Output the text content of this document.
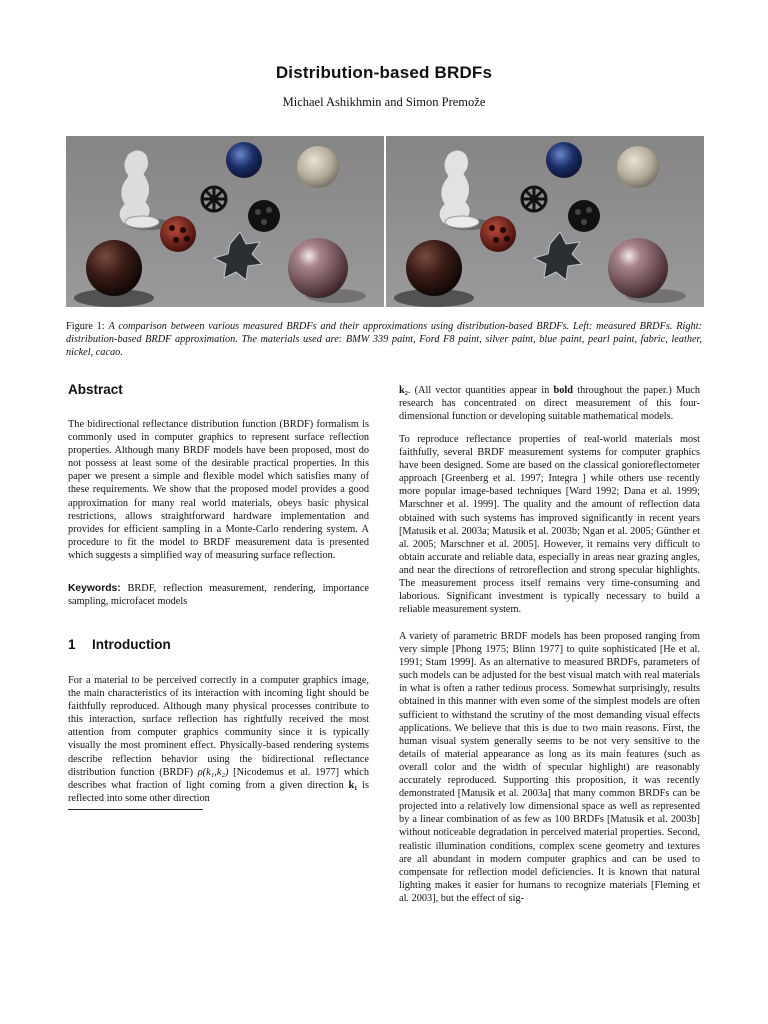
Distribution-based BRDFs
Michael Ashikhmin and Simon Premože
Figure 1: A comparison between various measured BRDFs and their approximations using distribution-based BRDFs. Left: measured BRDFs. Right: distribution-based BRDF approximation. The materials used are: BMW 339 paint, Ford F8 paint, silver paint, blue paint, pearl paint, fabric, leather, nickel, cacao.
Abstract
The bidirectional reflectance distribution function (BRDF) formalism is commonly used in computer graphics to represent surface reflection properties. Although many BRDF models have been proposed, most do not possess at least some of the desirable practical properties. In this paper we present a simple and flexible model which satisfies many of these requirements. We show that the proposed model provides a good approximation for many real world materials, obeys basic physical restrictions, allows straightforward hardware implementation and provides for efficient sampling in a Monte-Carlo rendering system. A procedure to fit the model to BRDF measurement data is presented which suggests a simplified way of measuring surface reflection.
Keywords: BRDF, reflection measurement, rendering, importance sampling, microfacet models
1 Introduction
For a material to be perceived correctly in a computer graphics image, the main characteristics of its interaction with incoming light should be faithfully reproduced. Although many physical processes contribute to this interaction, surface reflection has rightfully received the most attention from computer graphics community since it is typically visually the most prominent effect. Physically-based rendering systems describe reflection behavior using the bidirectional reflectance distribution function (BRDF) ρ(k₁,k₂) [Nicodemus et al. 1977] which describes what fraction of light coming from a given direction k₁ is reflected into some other direction
k₂. (All vector quantities appear in bold throughout the paper.) Much research has concentrated on direct measurement of this four-dimensional function or developing suitable mathematical models.
To reproduce reflectance properties of real-world materials most faithfully, several BRDF measurement systems for computer graphics have been designed. Some are based on the classical gonioreflectometer approach [Greenberg et al. 1997; Integra ] while others use recently more popular image-based techniques [Ward 1992; Dana et al. 1999; Marschner et al. 1999]. The quality and the amount of reflection data obtained with such systems has improved significantly in recent years [Matusik et al. 2003a; Matusik et al. 2003b; Ngan et al. 2005; Günther et al. 2005; Marschner et al. 2005]. However, it remains very difficult to obtain accurate and reliable data, especially in areas near grazing angles, and near the directions of retroreflection and strong specular highlights. The measurement process itself remains very time-consuming and laborious. Significant investment is typically necessary to build a reliable measurement system.
A variety of parametric BRDF models has been proposed ranging from very simple [Phong 1975; Blinn 1977] to quite sophisticated [He et al. 1991; Stam 1999]. As an alternative to measured BRDFs, parameters of such models can be adjusted for the best visual match with real materials in what is often a rather tedious process. Somewhat surprisingly, results obtained in this manner with even some of the simplest models are often sufficient to withstand the scrutiny of the most demanding visual effects applications. We believe that this is due to two main reasons. First, the human visual system generally seems to be not very sensitive to the details of material appearance as long as its main features (such as overall color and the width of specular highlight) are reasonably accurately reproduced. Supporting this proposition, it was recently demonstrated [Matusik et al. 2003a] that many common BRDFs can be projected into a relatively low dimensional space as well as represented by a linear combination of as few as 100 BRDFs [Matusik et al. 2003b] without noticeable degradation in perceived material properties. Second, realistic illumination conditions, complex scene geometry and textures are all abundant in modern computer graphics and can be used to compensate for reflection model deficiencies. It is known that natural lighting makes it easier for humans to recognize materials [Fleming et al. 2003], but the effect of sig-
